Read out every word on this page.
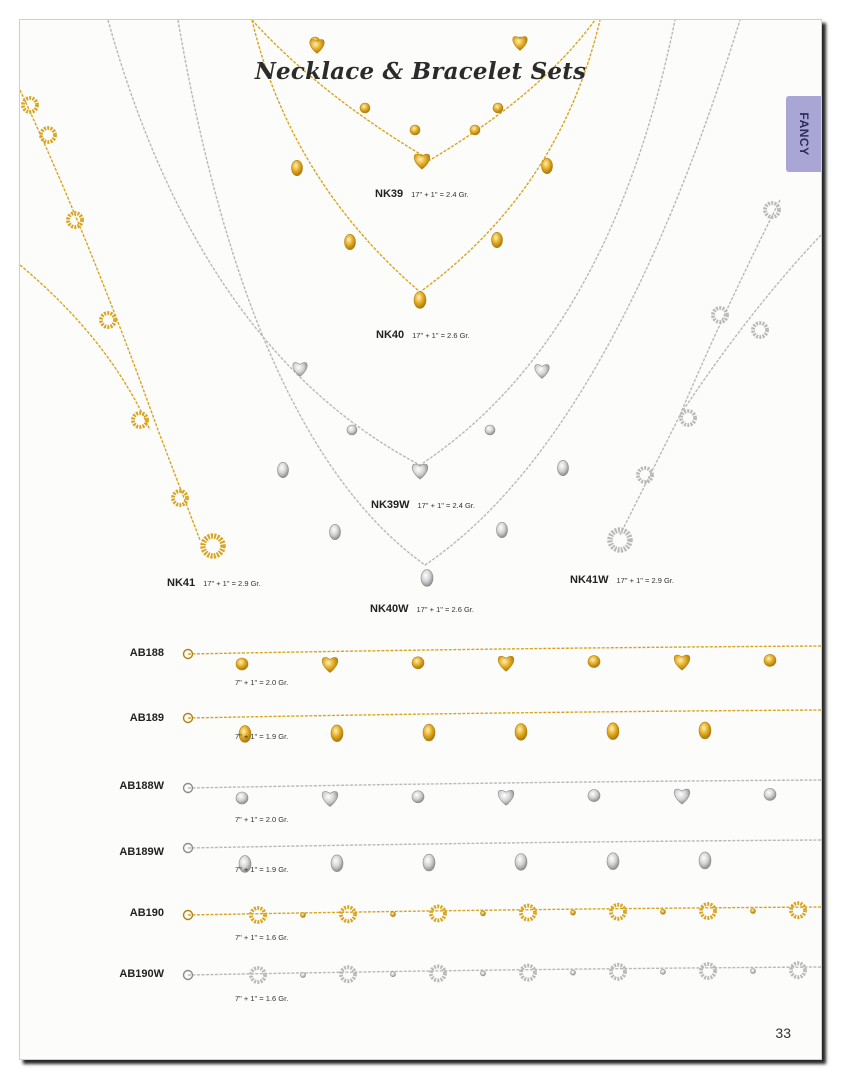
Necklace & Bracelet Sets
FANCY
NK39 17" + 1" = 2.4 Gr.
NK40 17" + 1" = 2.6 Gr.
NK39W 17" + 1" = 2.4 Gr.
NK41 17" + 1" = 2.9 Gr.	NK41W 17" + 1" = 2.9 Gr.
NK40W 17" + 1" = 2.6 Gr.
AB188
7" + 1" = 2.0 Gr.
AB189
7" + 1" = 1.9 Gr.
AB188W
7" + 1" = 2.0 Gr.
AB189W
7" + 1" = 1.9 Gr.
AB190
7" + 1" = 1.6 Gr.
AB190W
7" + 1" = 1.6 Gr.
33
